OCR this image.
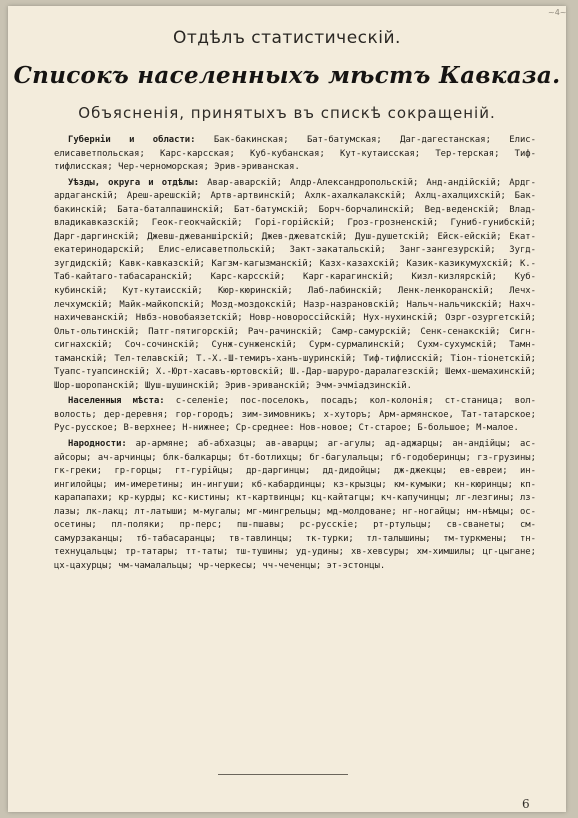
~4~
Отдѣлъ статистическій.
Списокъ населенныхъ мѣстъ Кавказа.
Объясненія, принятыхъ въ спискѣ сокращеній.

Губерніи и области: Бак-бакинская; Бат-батумская; Даг-дагестанская; Елис-елисаветпольская; Карс-карсская; Куб-кубанская; Кут-кутаисская; Тер-терская; Тиф-тифлисская; Чер-черноморская; Эрив-эриванская.

Уѣзды, округа и отдѣлы: Авар-аварскій; Алдр-Александропольскій; Анд-андійскій; Ардг-ардаганскій; Ареш-арешскій; Артв-артвинскій; Ахлк-ахалкалакскій; Ахлц-ахалцихскій; Бак-бакинскій; Бата-баталпашинскій; Бат-батумскій; Борч-борчалинскій; Вед-веденскій; Влад-владикавказскій; Геок-геокчайскій; Горі-горійскій; Гроз-грозненскій; Гуниб-гунибскій; Дарг-даргинскій; Джевш-джеваншірскій; Джев-джеватскій; Душ-душетскій; Ейск-ейскій; Екат-екатеринодарскій; Елис-елисаветпольскій; Закт-закатальскій; Занг-зангезурскій; Зугд-зугдидскій; Кавк-кавказскій; Кагзм-кагызманскій; Казх-казахскій; Казик-казикумухскій; К.-Таб-кайтаго-табасаранскій; Карс-карсскій; Карг-карагинскій; Кизл-кизлярскій; Куб-кубинскій; Кут-кутаисскій; Кюр-кюринскій; Лаб-лабинскій; Ленк-ленкоранскій; Лечх-лечхумскій; Майк-майкопскій; Мозд-моздокскій; Назр-назрановскій; Нальч-нальчикскій; Нахч-нахичеванскій; Нвбз-новобаязетскій; Новр-новороссійскій; Нух-нухинскій; Озрг-озургетскій; Ольт-ольтинскій; Патг-пятигорскій; Рач-рачинскій; Самр-самурскій; Сенк-сенакскій; Сигн-сигнахскій; Соч-сочинскій; Сунж-сунженскій; Сурм-сурмалинскій; Сухм-сухумскій; Тамн-таманскій; Тел-телавскій; Т.-Х.-Ш-темиръ-ханъ-шуринскій; Тиф-тифлисскій; Тіон-тіонетскій; Туапс-туапсинскій; Х.-Юрт-хасавъ-юртовскій; Ш.-Дар-шаруро-даралагезскій; Шемх-шемахинскій; Шор-шоропанскій; Шуш-шушинскій; Эрив-эриванскій; Эчм-эчміадзинскій.

Населенныя мѣста: с-селеніе; пос-поселокъ, посадъ; кол-колонія; ст-станица; вол-волость; дер-деревня; гор-городъ; зим-зимовникъ; х-хуторъ; Арм-армянское, Тат-татарское; Рус-русское; В-верхнее; Н-нижнее; Ср-среднее: Нов-новое; Ст-старое; Б-большое; М-малое.

Народности: ар-армяне; аб-абхазцы; ав-аварцы; аг-агулы; ад-аджарцы; ан-андійцы; ас-айсоры; ач-арчинцы; блк-балкарцы; бт-ботлихцы; бг-багулальцы; гб-годоберинцы; гз-грузины; гк-греки; гр-горцы; гт-гурійцы; др-даргинцы; дд-дидойцы; дж-джекцы; ев-евреи; ин-ингилойцы; им-имеретины; ин-ингуши; кб-кабардинцы; кз-крызцы; км-кумыки; кн-кюринцы; кп-карапапахи; кр-курды; кс-кистины; кт-картвинцы; кц-кайтагцы; кч-капучинцы; лг-лезгины; лз-лазы; лк-лакц; лт-латыши; м-мугалы; мг-мингрельцы; мд-молдоване; нг-ногайцы; нм-нѣмцы; ос-осетины; пл-поляки; пр-перс; пш-пшавы; рс-русскіе; рт-ртульцы; св-сванеты; см-самурзаканцы; тб-табасаранцы; тв-тавлинцы; тк-турки; тл-талышины; тм-туркмены; тн-технуцальцы; тр-татары; тт-таты; тш-тушины; уд-удины; хв-хевсуры; хм-химшилы; цг-цыгане; цх-цахурцы; чм-чамалальцы; чр-черкесы; чч-чеченцы; эт-эстонцы.

6
